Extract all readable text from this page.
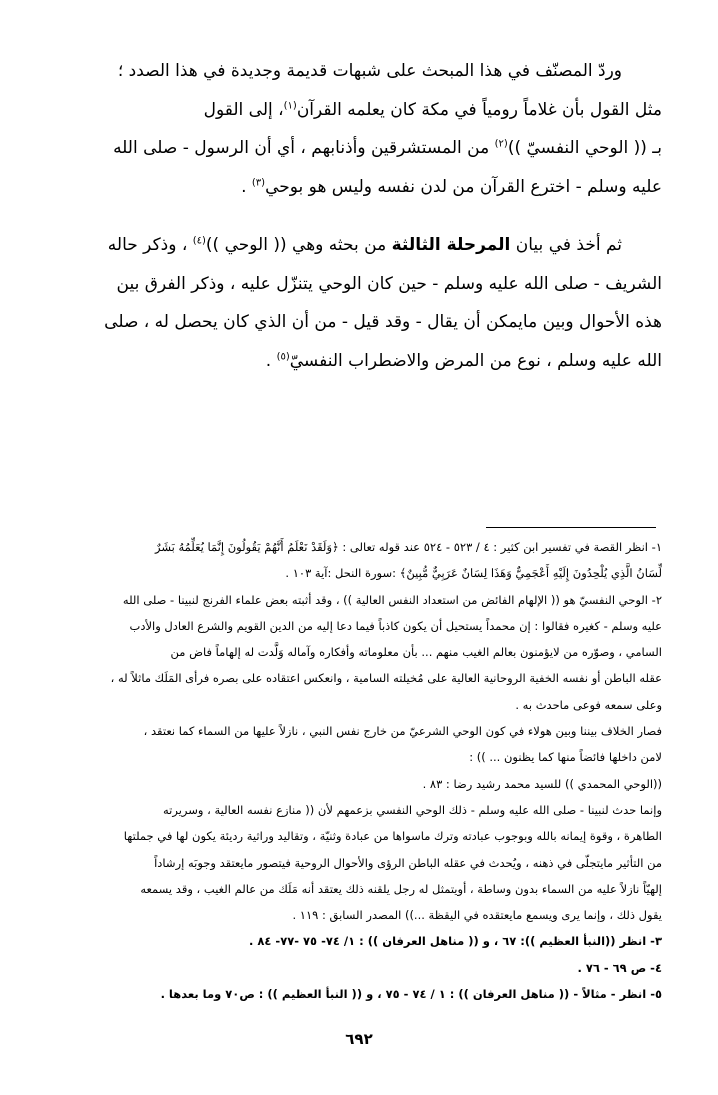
وردّ المصنّف في هذا المبحث على شبهات قديمة وجديدة في هذا الصدد ؛

مثل القول بأن غلاماً رومياً في مكة كان يعلمه القرآن$^{(١)}$، إلى القول

بـ (( الوحي النفسيّ ))$^{(٢)}$ من المستشرقين وأذنابهم ، أي أن الرسول - صلى الله

عليه وسلم - اخترع القرآن من لدن نفسه وليس هو بوحي$^{(٣)}$ .

ثم أخذ في بيان المرحلة الثالثة من بحثه وهي (( الوحي ))$^{(٤)}$ ، وذكر حاله

الشريف - صلى الله عليه وسلم - حين كان الوحي يتنزّل عليه ، وذكر الفرق بين

هذه الأحوال وبين مايمكن أن يقال - وقد قيل - من أن الذي كان يحصل له ، صلى

الله عليه وسلم ، نوع من المرض والاضطراب النفسيّ$^{(٥)}$ .

١- انظر القصة في تفسير ابن كثير : ٤ / ٥٢٣ - ٥٢٤ عند قوله تعالى : ﴿وَلَقَدْ نَعْلَمُ أَنَّهُمْ يَقُولُونَ إِنَّمَا يُعَلِّمُهُ بَشَرٌ

لِّسَانُ الَّذِي يُلْحِدُونَ إِلَيْهِ أَعْجَمِيٌّ وَهَذَا لِسَانٌ عَرَبِيٌّ مُّبِينٌ﴾ :سورة النحل :آية ١٠٣ .

٢- الوحي النفسيّ هو (( الإلهام الفائض من استعداد النفس العالية )) ، وقد أثبته بعض علماء الفرنج لنبينا - صلى الله

عليه وسلم - كغيره فقالوا : إن محمداً يستحيل أن يكون كاذباً فيما دعا إليه من الدين القويم والشرع العادل والأدب

السامي ، وصوّره من لايؤمنون بعالم الغيب منهم ... بأن معلوماته وأفكاره وآماله وَلَّدت له إلهاماً فاض من

عقله الباطن أو نفسه الخفية الروحانية العالية على مُخيلته السامية ، وانعكس اعتقاده على بصره فرأى المَلَك ماثلاً له ،

وعلى سمعه فوعى ماحدث به .

فصار الخلاف بيننا وبين هولاء في كون الوحي الشرعيّ من خارج نفس النبي ، نازلاً عليها من السماء كما نعتقد ،

لامن داخلها فائضاً منها كما يظنون ... )) :

((الوحي المحمدي )) للسيد محمد رشيد رضا : ٨٣ .

وإنما حدث لنبينا - صلى الله عليه وسلم - ذلك الوحي النفسي بزعمهم لأن (( منازع نفسه العالية ، وسريرته

الطاهرة ، وقوة إيمانه بالله وبوجوب عبادته وترك ماسواها من عبادة وثنيّة ، وتقاليد وراثية رديئة يكون لها في جملتها

من التأثير مايتجلّى في ذهنه ، ويُحدث في عقله الباطن الرؤى والأحوال الروحية فيتصور مايعتقد وجوبَه إرشاداً

إلهيّاً نازلاً عليه من السماء بدون وساطة ، أويتمثل له رجل يلقنه ذلك يعتقد أنه مَلَك من عالم الغيب ، وقد يسمعه

يقول ذلك ، وإنما يرى ويسمع مايعتقده في اليقظة ...)) المصدر السابق : ١١٩ .

٣- انظر ((النبأ العظيم )): ٦٧ ، و (( مناهل العرفان )) : ١/ ٧٤- ٧٥ -٧٧- ٨٤ .

٤- ص ٦٩ - ٧٦ .

٥- انظر - مثالاً - (( مناهل العرفان )) : ١ / ٧٤ - ٧٥ ، و (( النبأ العظيم )) : ص٧٠ وما بعدها .

٦٩٢
